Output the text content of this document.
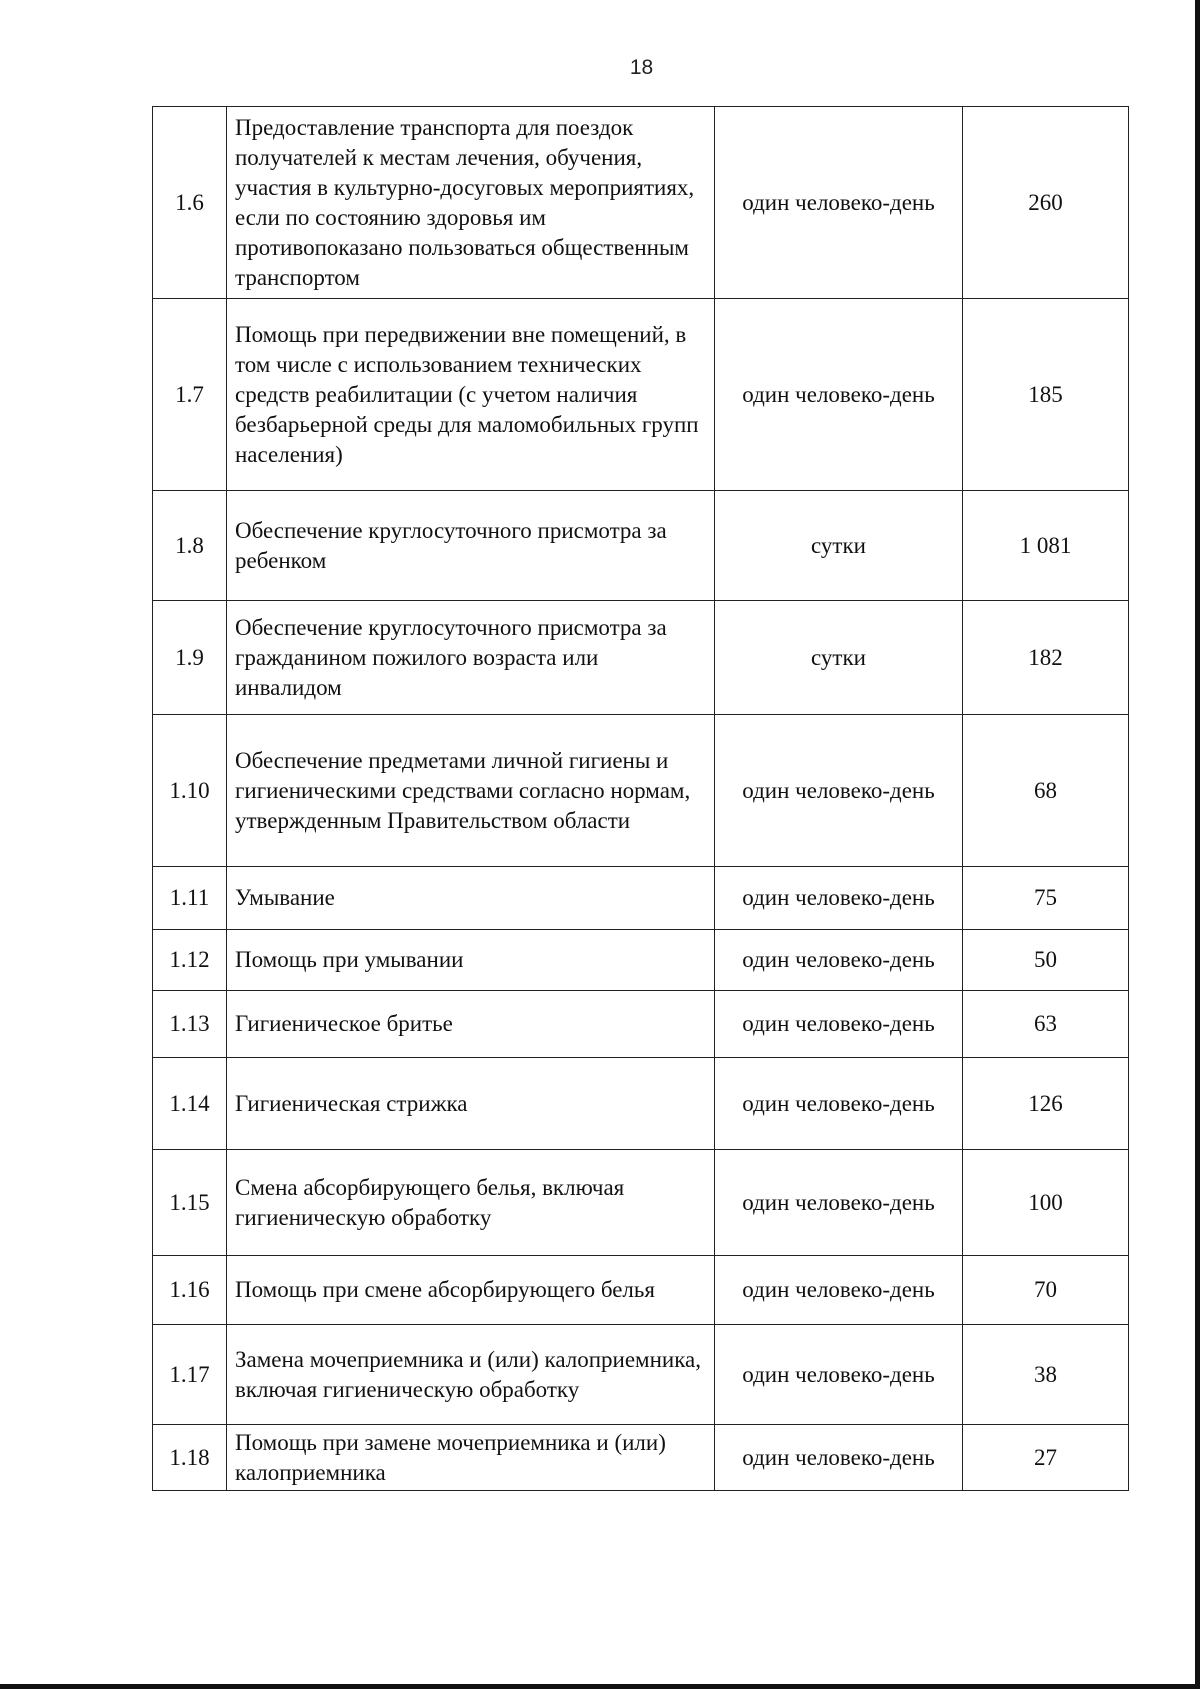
18
1.6	Предоставление транспорта для поездок получателей к местам лечения, обучения, участия в культурно-досуговых мероприятиях, если по состоянию здоровья им противопоказано пользоваться общественным транспортом	один человеко-день	260
1.7	Помощь при передвижении вне помещений, в том числе с использованием технических средств реабилитации (с учетом наличия безбарьерной среды для маломобильных групп населения)	один человеко-день	185
1.8	Обеспечение круглосуточного присмотра за ребенком	сутки	1 081
1.9	Обеспечение круглосуточного присмотра за гражданином пожилого возраста или инвалидом	сутки	182
1.10	Обеспечение предметами личной гигиены и гигиеническими средствами согласно нормам, утвержденным Правительством области	один человеко-день	68
1.11	Умывание	один человеко-день	75
1.12	Помощь при умывании	один человеко-день	50
1.13	Гигиеническое бритье	один человеко-день	63
1.14	Гигиеническая стрижка	один человеко-день	126
1.15	Смена абсорбирующего белья, включая гигиеническую обработку	один человеко-день	100
1.16	Помощь при смене абсорбирующего белья	один человеко-день	70
1.17	Замена мочеприемника и (или) калоприемника, включая гигиеническую обработку	один человеко-день	38
1.18	Помощь при замене мочеприемника и (или) калоприемника	один человеко-день	27
